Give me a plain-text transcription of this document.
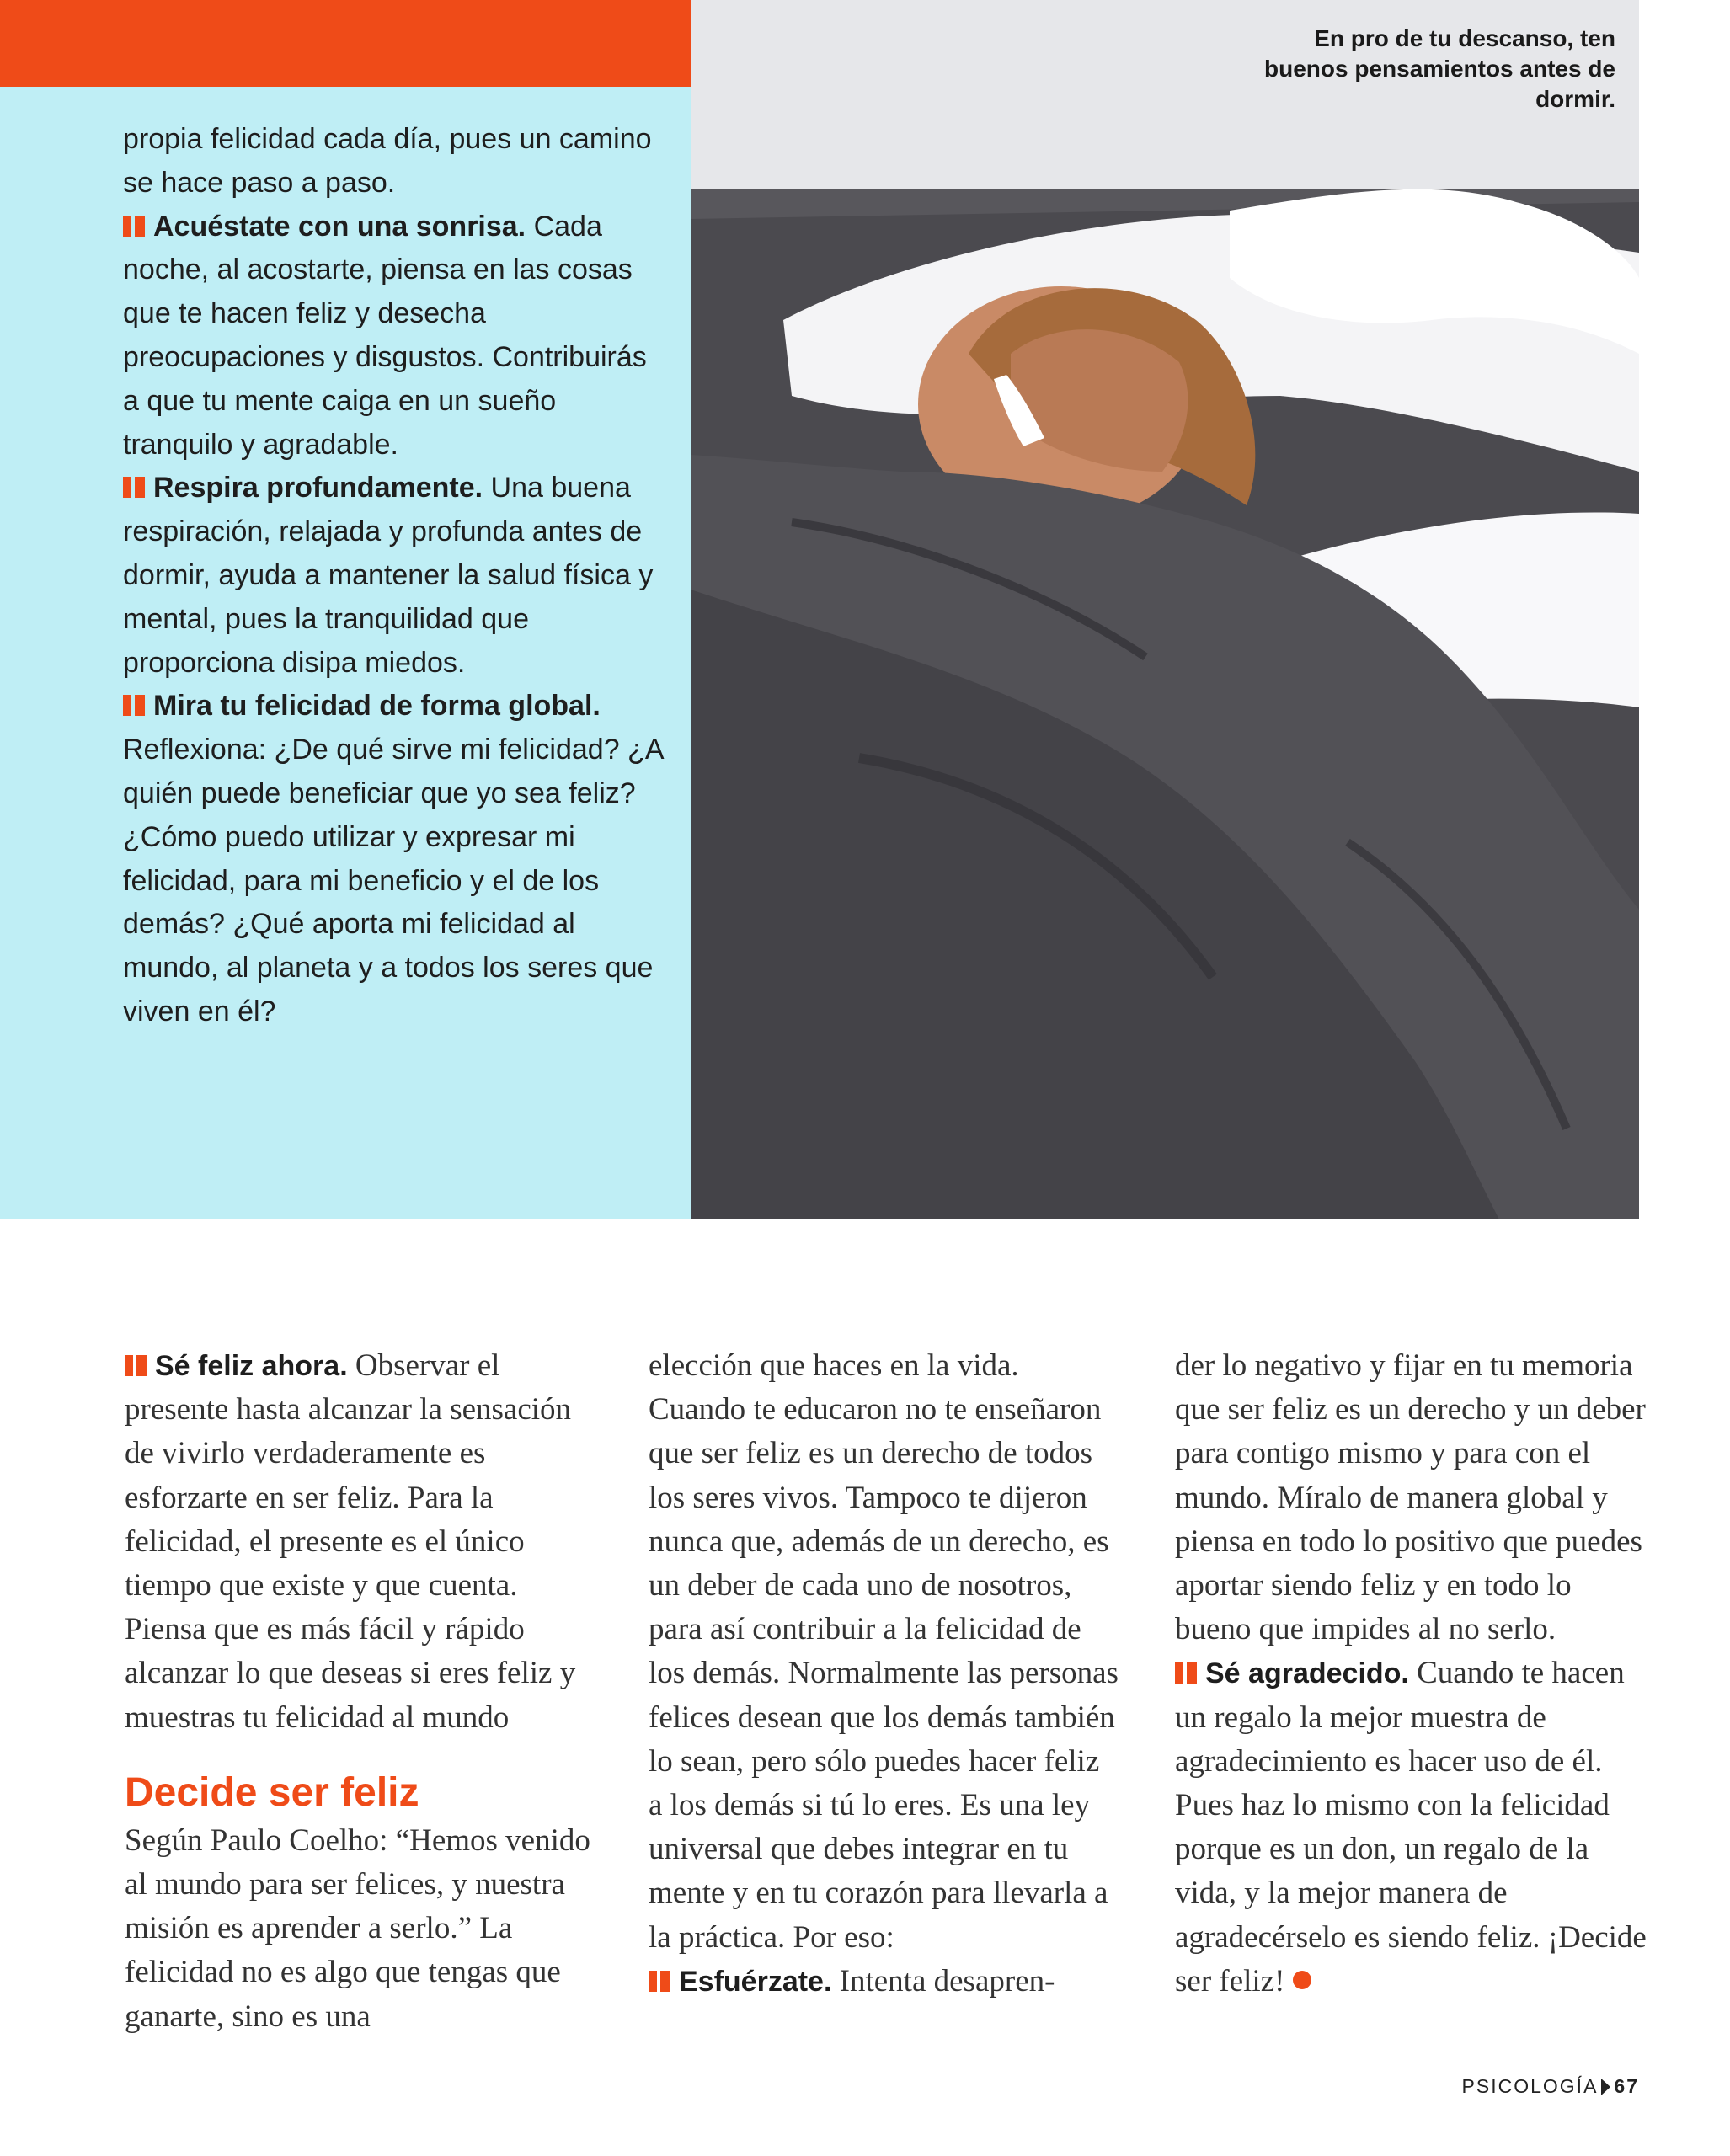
propia felicidad cada día, pues un camino se hace paso a paso.

Acuéstate con una sonrisa. Cada noche, al acostarte, piensa en las cosas que te hacen feliz y desecha preocupaciones y disgustos. Contribuirás a que tu mente caiga en un sueño tranquilo y agradable.

Respira profundamente. Una buena respiración, relajada y profunda antes de dormir, ayuda a mantener la salud física y mental, pues la tranquilidad que proporciona disipa miedos.

Mira tu felicidad de forma global. Reflexiona: ¿De qué sirve mi felicidad? ¿A quién puede beneficiar que yo sea feliz? ¿Cómo puedo utilizar y expresar mi felicidad, para mi beneficio y el de los demás? ¿Qué aporta mi felicidad al mundo, al planeta y a todos los seres que viven en él?

En pro de tu descanso, ten buenos pensamientos antes de dormir.

Sé feliz ahora. Observar el presente hasta alcanzar la sensación de vivirlo verdaderamente es esforzarte en ser feliz. Para la felicidad, el presente es el único tiempo que existe y que cuenta. Piensa que es más fácil y rápido alcanzar lo que deseas si eres feliz y muestras tu felicidad al mundo

Decide ser feliz

Según Paulo Coelho: “Hemos venido al mundo para ser felices, y nuestra misión es aprender a serlo.” La felicidad no es algo que tengas que ganarte, sino es una

elección que haces en la vida. Cuando te educaron no te enseñaron que ser feliz es un derecho de todos los seres vivos. Tampoco te dijeron nunca que, además de un derecho, es un deber de cada uno de nosotros, para así contribuir a la felicidad de los demás. Normalmente las personas felices desean que los demás también lo sean, pero sólo puedes hacer feliz a los demás si tú lo eres. Es una ley universal que debes integrar en tu mente y en tu corazón para llevarla a la práctica. Por eso:

Esfuérzate. Intenta desapren-

der lo negativo y fijar en tu memoria que ser feliz es un derecho y un deber para contigo mismo y para con el mundo. Míralo de manera global y piensa en todo lo positivo que puedes aportar siendo feliz y en todo lo bueno que impides al no serlo.

Sé agradecido. Cuando te hacen un regalo la mejor muestra de agradecimiento es hacer uso de él. Pues haz lo mismo con la felicidad porque es un don, un regalo de la vida, y la mejor manera de agradecérselo es siendo feliz. ¡Decide ser feliz!

PSICOLOGÍA 67
